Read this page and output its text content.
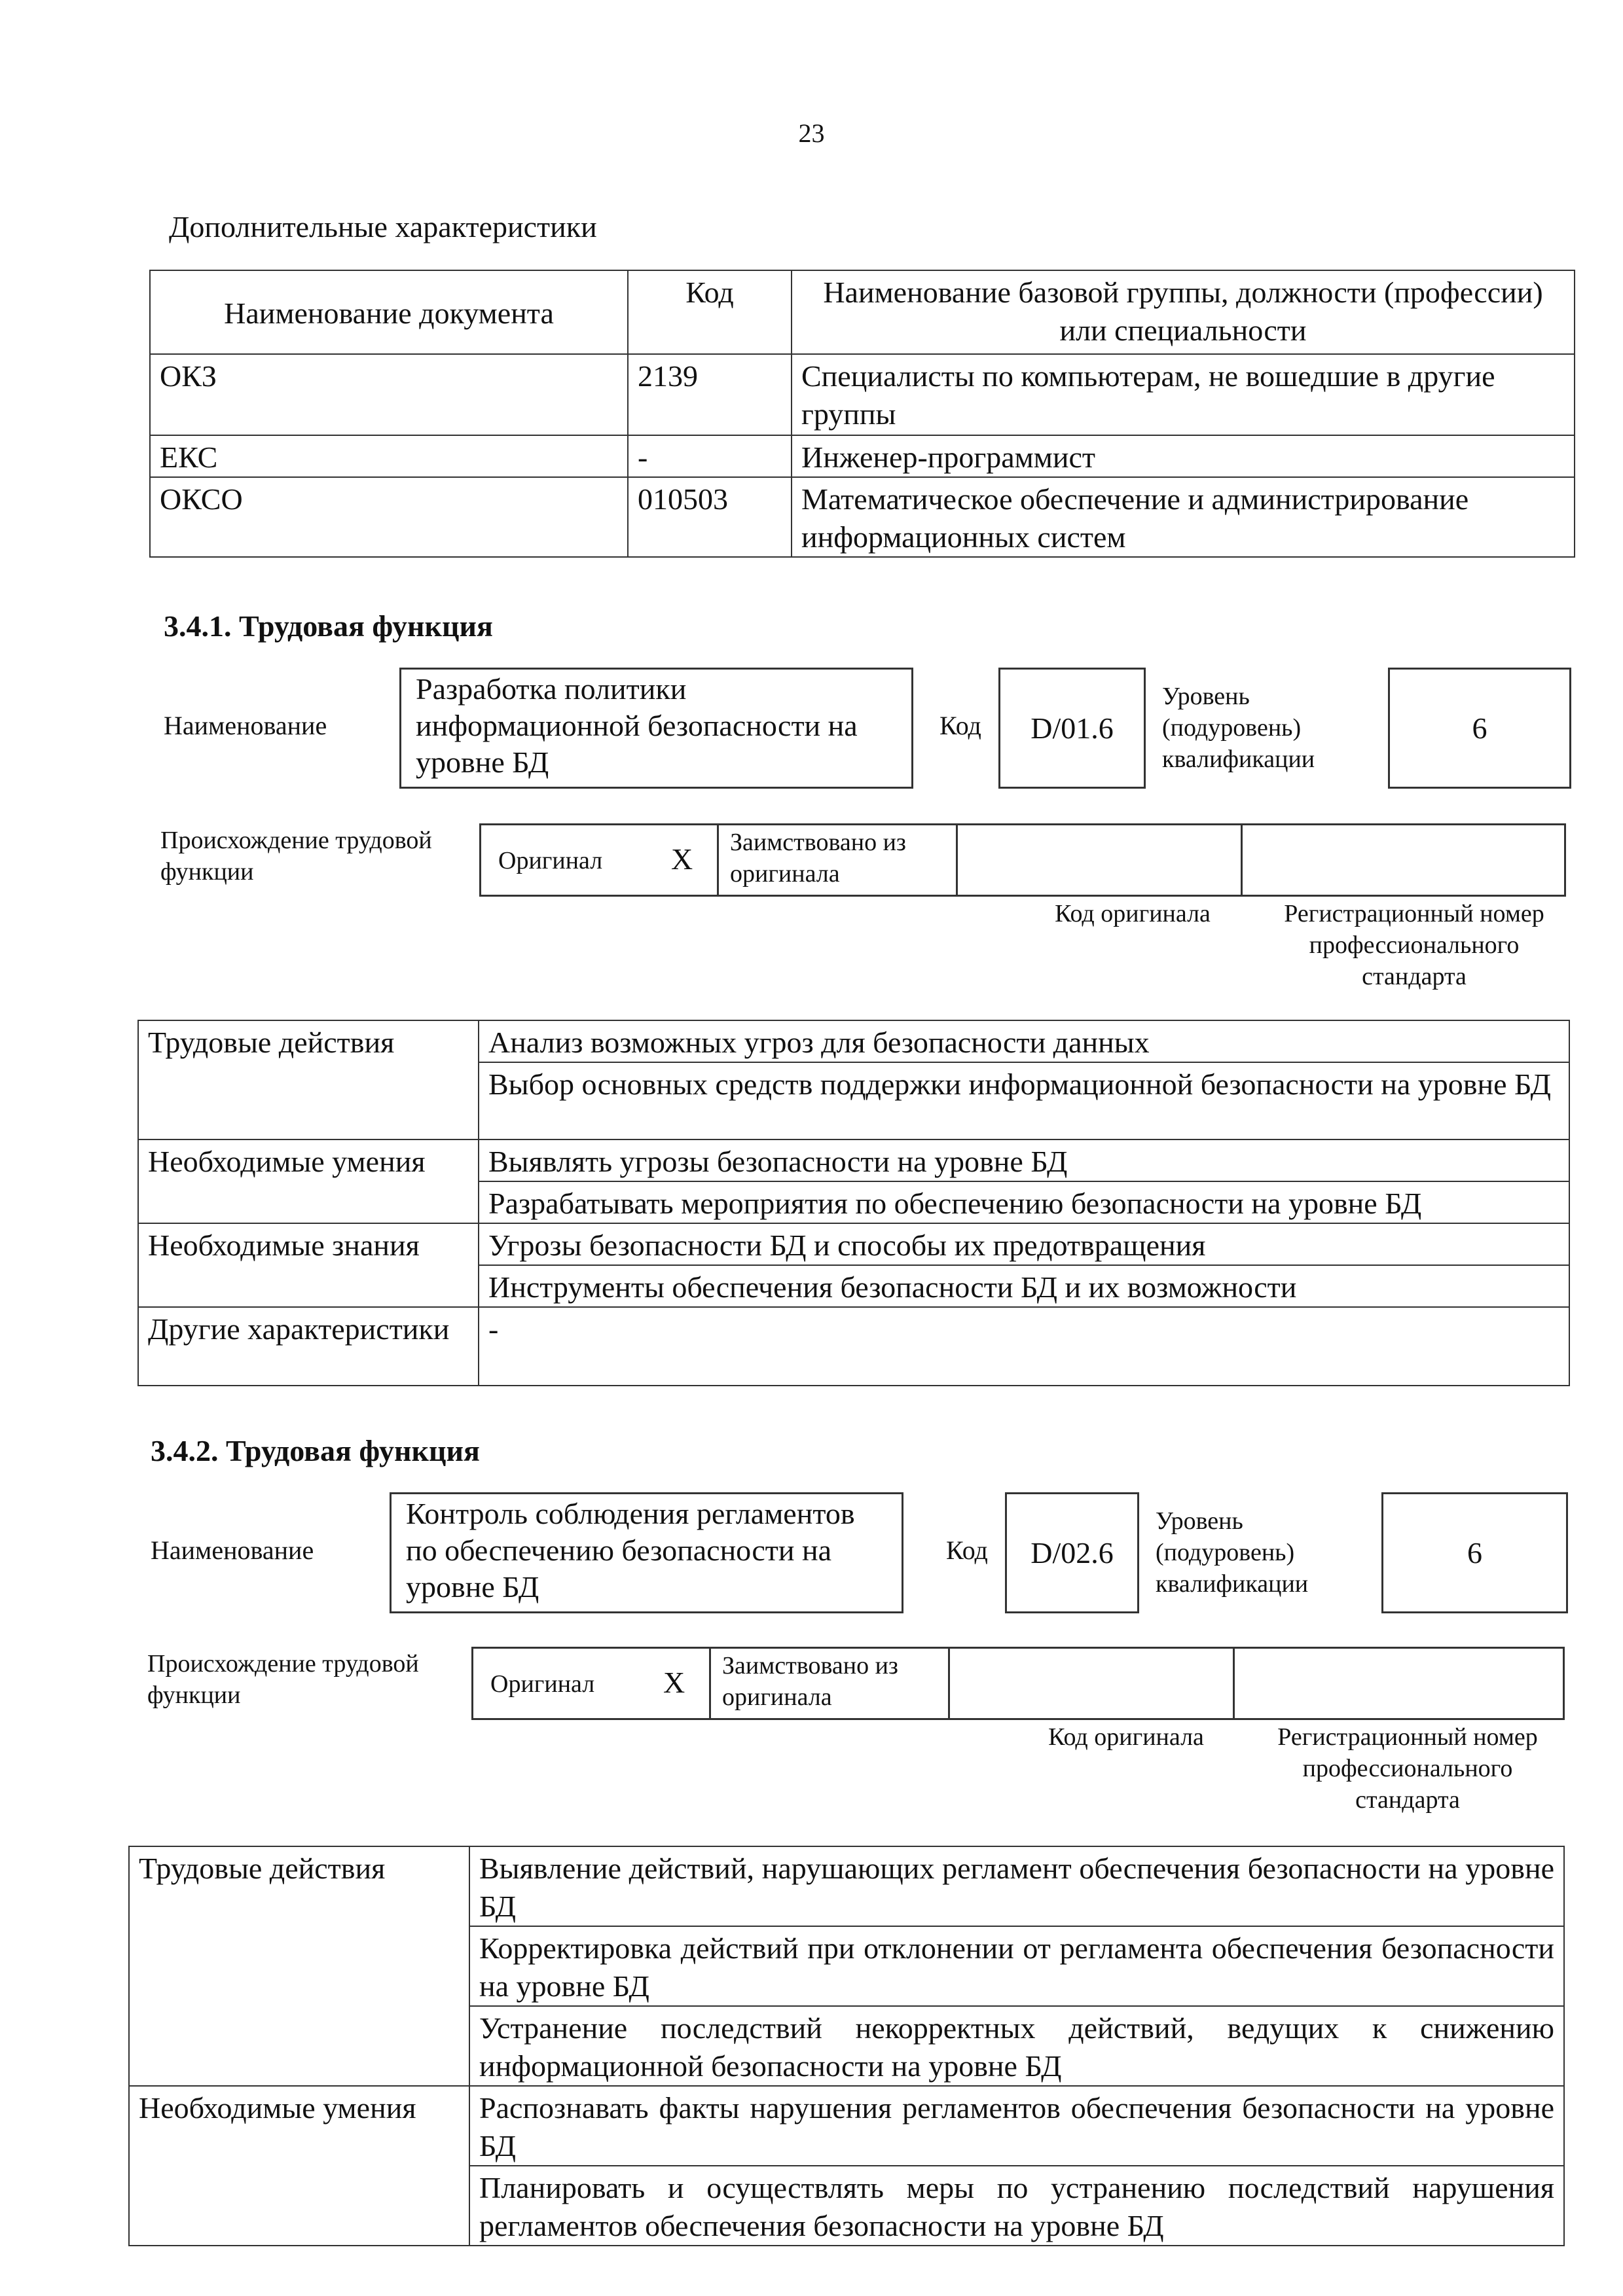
23
Дополнительные характеристики
Наименование документа	Код	Наименование базовой группы, должности (профессии) или специальности
ОКЗ	2139	Специалисты по компьютерам, не вошедшие в другие группы
ЕКС	-	Инженер-программист
ОКСО	010503	Математическое обеспечение и администрирование информационных систем
3.4.1. Трудовая функция
Наименование
Разработка политики информационной безопасности на уровне БД
Код	D/01.6
Уровень (подуровень) квалификации
6
Происхождение трудовой функции	Оригинал X Заимствовано из оригинала
Код оригинала	Регистрационный номер профессионального стандарта
Трудовые действия	Анализ возможных угроз для безопасности данных
	Выбор основных средств поддержки информационной безопасности на уровне БД
Необходимые умения	Выявлять угрозы безопасности на уровне БД
	Разрабатывать мероприятия по обеспечению безопасности на уровне БД
Необходимые знания	Угрозы безопасности БД и способы их предотвращения
	Инструменты обеспечения безопасности БД и их возможности
Другие характеристики	-
3.4.2. Трудовая функция
Наименование
Контроль соблюдения регламентов по обеспечению безопасности на уровне БД
Код	D/02.6
Уровень (подуровень) квалификации
6
Происхождение трудовой функции	Оригинал X Заимствовано из оригинала
Код оригинала	Регистрационный номер профессионального стандарта
Трудовые действия	Выявление действий, нарушающих регламент обеспечения безопасности на уровне БД
	Корректировка действий при отклонении от регламента обеспечения безопасности на уровне БД
	Устранение последствий некорректных действий, ведущих к снижению информационной безопасности на уровне БД
Необходимые умения	Распознавать факты нарушения регламентов обеспечения безопасности на уровне БД
	Планировать и осуществлять меры по устранению последствий нарушения регламентов обеспечения безопасности на уровне БД
